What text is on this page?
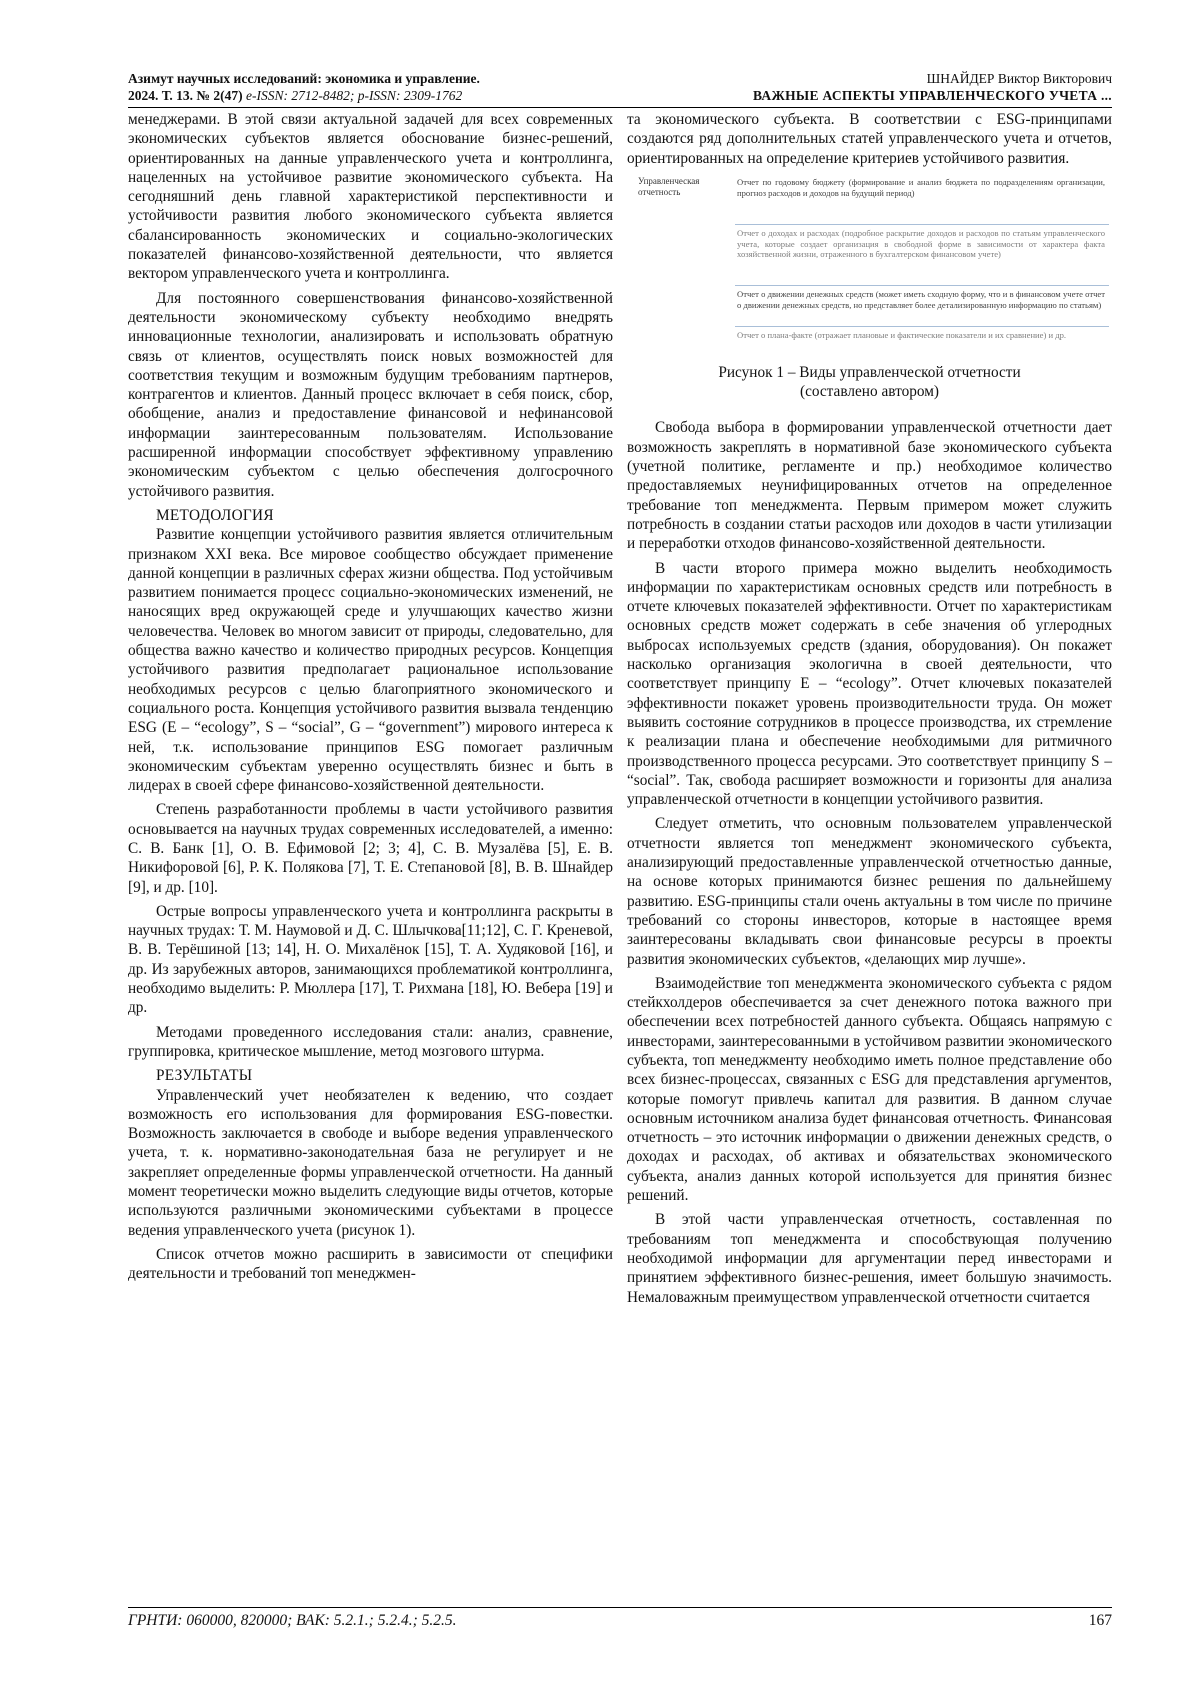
Азимут научных исследований: экономика и управление.
2024. Т. 13. № 2(47) e-ISSN: 2712-8482; p-ISSN: 2309-1762
ШНАЙДЕР Виктор Викторович
ВАЖНЫЕ АСПЕКТЫ УПРАВЛЕНЧЕСКОГО УЧЕТА ...

менеджерами. В этой связи актуальной задачей для всех современных экономических субъектов является обоснование бизнес-решений, ориентированных на данные управленческого учета и контроллинга, нацеленных на устойчивое развитие экономического субъекта. На сегодняшний день главной характеристикой перспективности и устойчивости развития любого экономического субъекта является сбалансированность экономических и социально-экологических показателей финансово-хозяйственной деятельности, что является вектором управленческого учета и контроллинга.

Для постоянного совершенствования финансово-хозяйственной деятельности экономическому субъекту необходимо внедрять инновационные технологии, анализировать и использовать обратную связь от клиентов, осуществлять поиск новых возможностей для соответствия текущим и возможным будущим требованиям партнеров, контрагентов и клиентов. Данный процесс включает в себя поиск, сбор, обобщение, анализ и предоставление финансовой и нефинансовой информации заинтересованным пользователям. Использование расширенной информации способствует эффективному управлению экономическим субъектом с целью обеспечения долгосрочного устойчивого развития.

МЕТОДОЛОГИЯ

Развитие концепции устойчивого развития является отличительным признаком XXI века. Все мировое сообщество обсуждает применение данной концепции в различных сферах жизни общества. Под устойчивым развитием понимается процесс социально-экономических изменений, не наносящих вред окружающей среде и улучшающих качество жизни человечества. Человек во многом зависит от природы, следовательно, для общества важно качество и количество природных ресурсов. Концепция устойчивого развития предполагает рациональное использование необходимых ресурсов с целью благоприятного экономического и социального роста. Концепция устойчивого развития вызвала тенденцию ESG (E – “ecology”, S – “social”, G – “government”) мирового интереса к ней, т.к. использование принципов ESG помогает различным экономическим субъектам уверенно осуществлять бизнес и быть в лидерах в своей сфере финансово-хозяйственной деятельности.

Степень разработанности проблемы в части устойчивого развития основывается на научных трудах современных исследователей, а именно: С. В. Банк [1], О. В. Ефимовой [2; 3; 4], С. В. Музалёва [5], Е. В. Никифоровой [6], Р. К. Полякова [7], Т. Е. Степановой [8], В. В. Шнайдер [9], и др. [10].

Острые вопросы управленческого учета и контроллинга раскрыты в научных трудах: Т. М. Наумовой и Д. С. Шлычкова[11;12], С. Г. Креневой, В. В. Терёшиной [13; 14], Н. О. Михалёнок [15], Т. А. Худяковой [16], и др. Из зарубежных авторов, занимающихся проблематикой контроллинга, необходимо выделить: Р. Мюллера [17], Т. Рихмана [18], Ю. Вебера [19] и др.

Методами проведенного исследования стали: анализ, сравнение, группировка, критическое мышление, метод мозгового штурма.

РЕЗУЛЬТАТЫ

Управленческий учет необязателен к ведению, что создает возможность его использования для формирования ESG-повестки. Возможность заключается в свободе и выборе ведения управленческого учета, т. к. нормативно-законодательная база не регулирует и не закрепляет определенные формы управленческой отчетности. На данный момент теоретически можно выделить следующие виды отчетов, которые используются различными экономическими субъектами в процессе ведения управленческого учета (рисунок 1).

Список отчетов можно расширить в зависимости от специфики деятельности и требований топ менеджмен-

та экономического субъекта. В соответствии с ESG-принципами создаются ряд дополнительных статей управленческого учета и отчетов, ориентированных на определение критериев устойчивого развития.

Управленческая отчетность
Отчет по годовому бюджету (формирование и анализ бюджета по подразделениям организации, прогноз расходов и доходов на будущий период)
Отчет о доходах и расходах (подробное раскрытие доходов и расходов по статьям управленческого учета, которые создает организация в свободной форме в зависимости от характера факта хозяйственной жизни, отраженного в бухгалтерском финансовом учете)
Отчет о движении денежных средств (может иметь сходную форму, что и в финансовом учете отчет о движении денежных средств, но представляет более детализированную информацию по статьям)
Отчет о плана-факте (отражает плановые и фактические показатели и их сравнение) и др.
Рисунок 1 – Виды управленческой отчетности
(составлено автором)

Свобода выбора в формировании управленческой отчетности дает возможность закреплять в нормативной базе экономического субъекта (учетной политике, регламенте и пр.) необходимое количество предоставляемых неунифицированных отчетов на определенное требование топ менеджмента. Первым примером может служить потребность в создании статьи расходов или доходов в части утилизации и переработки отходов финансово-хозяйственной деятельности.

В части второго примера можно выделить необходимость информации по характеристикам основных средств или потребность в отчете ключевых показателей эффективности. Отчет по характеристикам основных средств может содержать в себе значения об углеродных выбросах используемых средств (здания, оборудования). Он покажет насколько организация экологична в своей деятельности, что соответствует принципу E – “ecology”. Отчет ключевых показателей эффективности покажет уровень производительности труда. Он может выявить состояние сотрудников в процессе производства, их стремление к реализации плана и обеспечение необходимыми для ритмичного производственного процесса ресурсами. Это соответствует принципу S – “social”. Так, свобода расширяет возможности и горизонты для анализа управленческой отчетности в концепции устойчивого развития.

Следует отметить, что основным пользователем управленческой отчетности является топ менеджмент экономического субъекта, анализирующий предоставленные управленческой отчетностью данные, на основе которых принимаются бизнес решения по дальнейшему развитию. ESG-принципы стали очень актуальны в том числе по причине требований со стороны инвесторов, которые в настоящее время заинтересованы вкладывать свои финансовые ресурсы в проекты развития экономических субъектов, «делающих мир лучше».

Взаимодействие топ менеджмента экономического субъекта с рядом стейкхолдеров обеспечивается за счет денежного потока важного при обеспечении всех потребностей данного субъекта. Общаясь напрямую с инвесторами, заинтересованными в устойчивом развитии экономического субъекта, топ менеджменту необходимо иметь полное представление обо всех бизнес-процессах, связанных с ESG для представления аргументов, которые помогут привлечь капитал для развития. В данном случае основным источником анализа будет финансовая отчетность. Финансовая отчетность – это источник информации о движении денежных средств, о доходах и расходах, об активах и обязательствах экономического субъекта, анализ данных которой используется для принятия бизнес решений.

В этой части управленческая отчетность, составленная по требованиям топ менеджмента и способствующая получению необходимой информации для аргументации перед инвесторами и принятием эффективного бизнес-решения, имеет большую значимость. Немаловажным преимуществом управленческой отчетности считается

ГРНТИ: 060000, 820000; ВАК: 5.2.1.; 5.2.4.; 5.2.5.	167
